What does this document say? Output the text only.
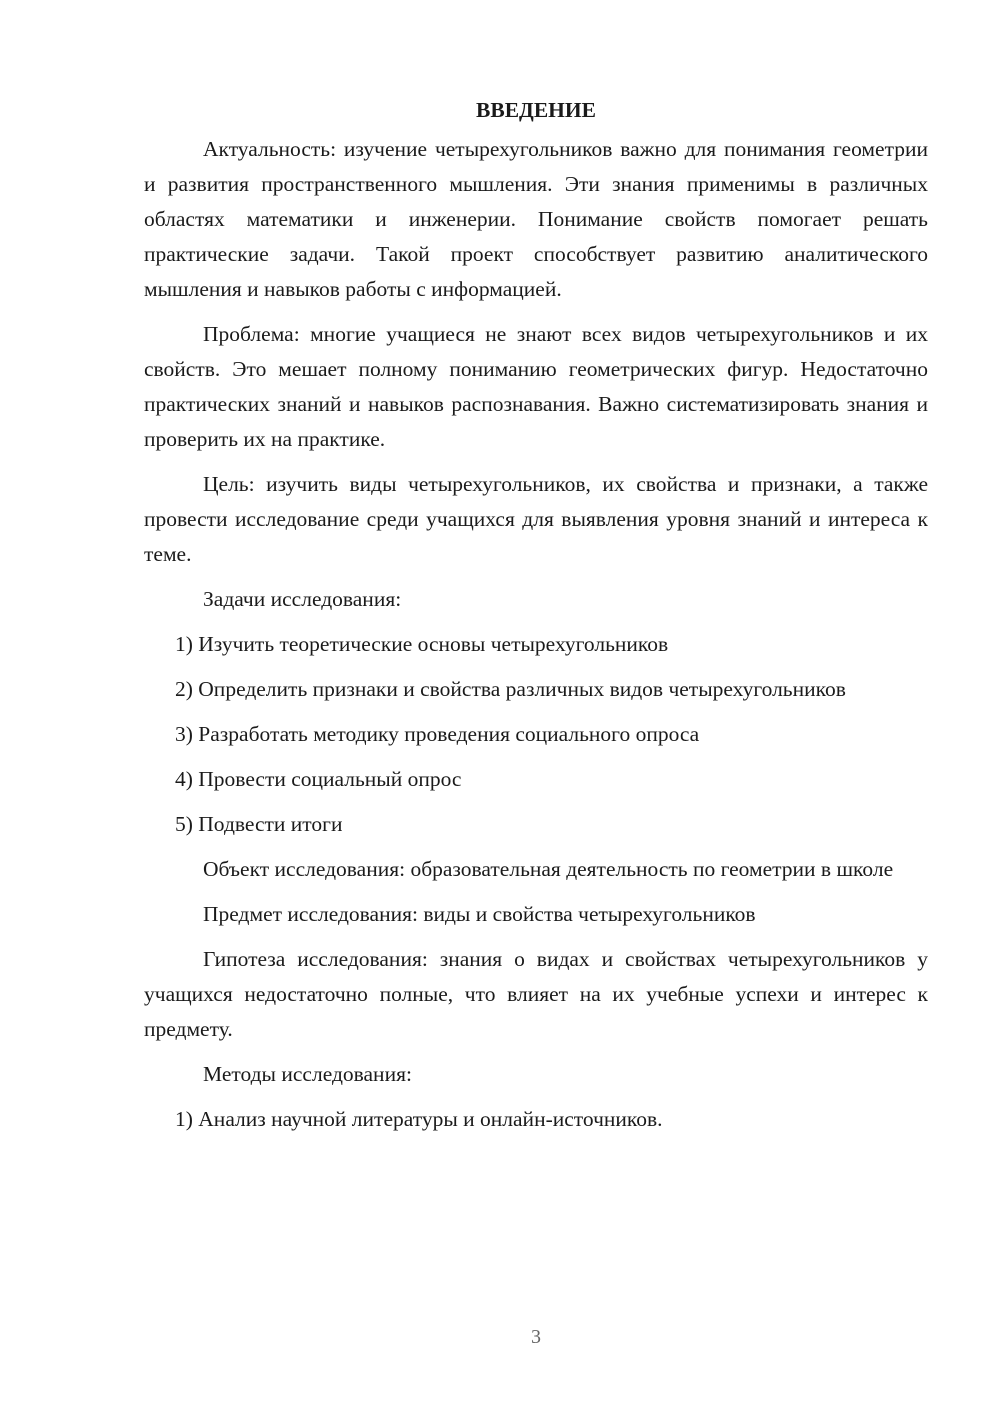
ВВЕДЕНИЕ

Актуальность: изучение четырехугольников важно для понимания геометрии и развития пространственного мышления. Эти знания применимы в различных областях математики и инженерии. Понимание свойств помогает решать практические задачи. Такой проект способствует развитию аналитического мышления и навыков работы с информацией.

Проблема: многие учащиеся не знают всех видов четырехугольников и их свойств. Это мешает полному пониманию геометрических фигур. Недостаточно практических знаний и навыков распознавания. Важно систематизировать знания и проверить их на практике.

Цель: изучить виды четырехугольников, их свойства и признаки, а также провести исследование среди учащихся для выявления уровня знаний и интереса к теме.

Задачи исследования:

1) Изучить теоретические основы четырехугольников

2) Определить признаки и свойства различных видов четырехугольников

3) Разработать методику проведения социального опроса

4) Провести социальный опрос

5) Подвести итоги

Объект исследования: образовательная деятельность по геометрии в школе

Предмет исследования: виды и свойства четырехугольников

Гипотеза исследования: знания о видах и свойствах четырехугольников у учащихся недостаточно полные, что влияет на их учебные успехи и интерес к предмету.

Методы исследования:

1) Анализ научной литературы и онлайн-источников.

3
